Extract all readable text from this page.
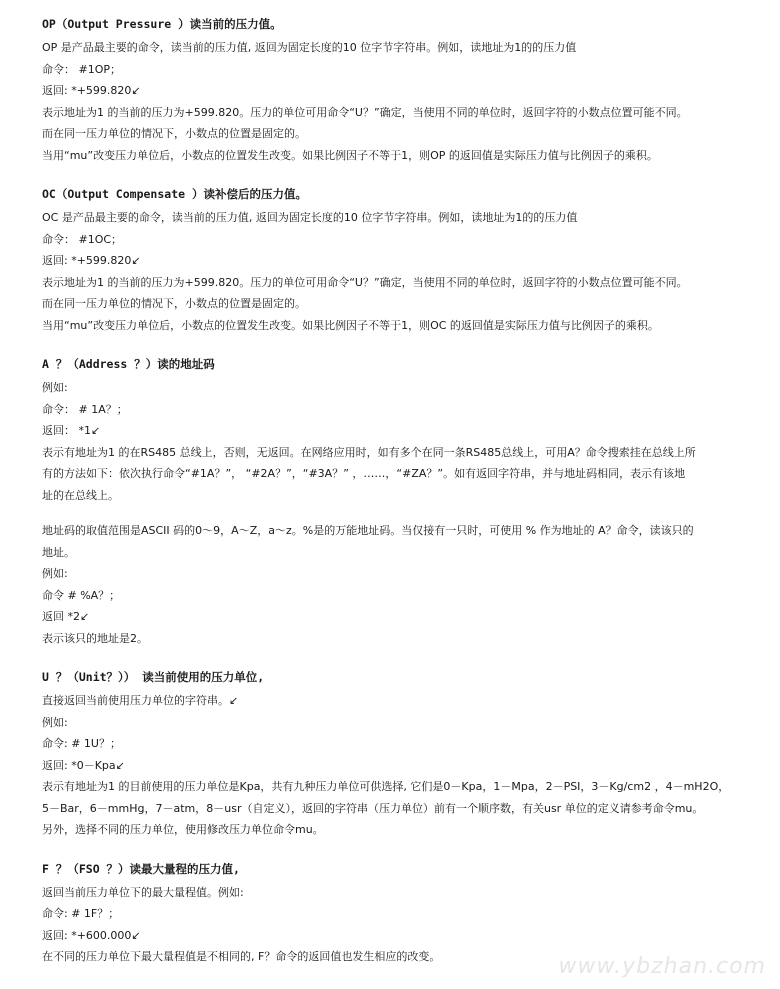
OP（Output Pressure ）读当前的压力值。
OP 是产品最主要的命令，读当前的压力值, 返回为固定长度的10 位字节字符串。例如，读地址为1的的压力值
命令： #1OP；
返回: *+599.820↙
表示地址为1 的当前的压力为+599.820。压力的单位可用命令“U？”确定，当使用不同的单位时，返回字符的小数点位置可能不同。
而在同一压力单位的情况下，小数点的位置是固定的。
当用“mu”改变压力单位后，小数点的位置发生改变。如果比例因子不等于1，则OP 的返回值是实际压力值与比例因子的乘积。
OC（Output Compensate ）读补偿后的压力值。
OC 是产品最主要的命令，读当前的压力值, 返回为固定长度的10 位字节字符串。例如，读地址为1的的压力值
命令： #1OC；
返回: *+599.820↙
表示地址为1 的当前的压力为+599.820。压力的单位可用命令“U？”确定，当使用不同的单位时，返回字符的小数点位置可能不同。
而在同一压力单位的情况下，小数点的位置是固定的。
当用“mu”改变压力单位后，小数点的位置发生改变。如果比例因子不等于1，则OC 的返回值是实际压力值与比例因子的乘积。
A ？（Address ？）读的地址码
例如:
命令： # 1A？；
返回： *1↙
表示有地址为1 的在RS485 总线上，否则，无返回。在网络应用时，如有多个在同一条RS485总线上，可用A？命令搜索挂在总线上所
有的方法如下：依次执行命令“#1A？”， “#2A？”，“#3A？” ，……，“#ZA？”。如有返回字符串，并与地址码相同，表示有该地
址的在总线上。
地址码的取值范围是ASCII 码的0～9，A～Z，a～z。%是的万能地址码。当仅接有一只时，可使用 % 作为地址的 A？命令，读该只的
地址。
例如:
命令 # %A？；
返回 *2↙
表示该只的地址是2。
U ？（Unit？）） 读当前使用的压力单位,
直接返回当前使用压力单位的字符串。↙
例如:
命令: # 1U？；
返回: *0－Kpa↙
表示有地址为1 的目前使用的压力单位是Kpa，共有九种压力单位可供选择, 它们是0－Kpa，1－Mpa，2－PSI，3－Kg/cm2 ，4－mH2O，
5－Bar，6－mmHg，7－atm，8－usr（自定义），返回的字符串（压力单位）前有一个顺序数，有关usr 单位的定义请参考命令mu。
另外，选择不同的压力单位，使用修改压力单位命令mu。
F ？（FSO ？）读最大量程的压力值,
返回当前压力单位下的最大量程值。例如:
命令: # 1F？；
返回: *+600.000↙
在不同的压力单位下最大量程值是不相同的, F？命令的返回值也发生相应的改变。	www.ybzhan.com
